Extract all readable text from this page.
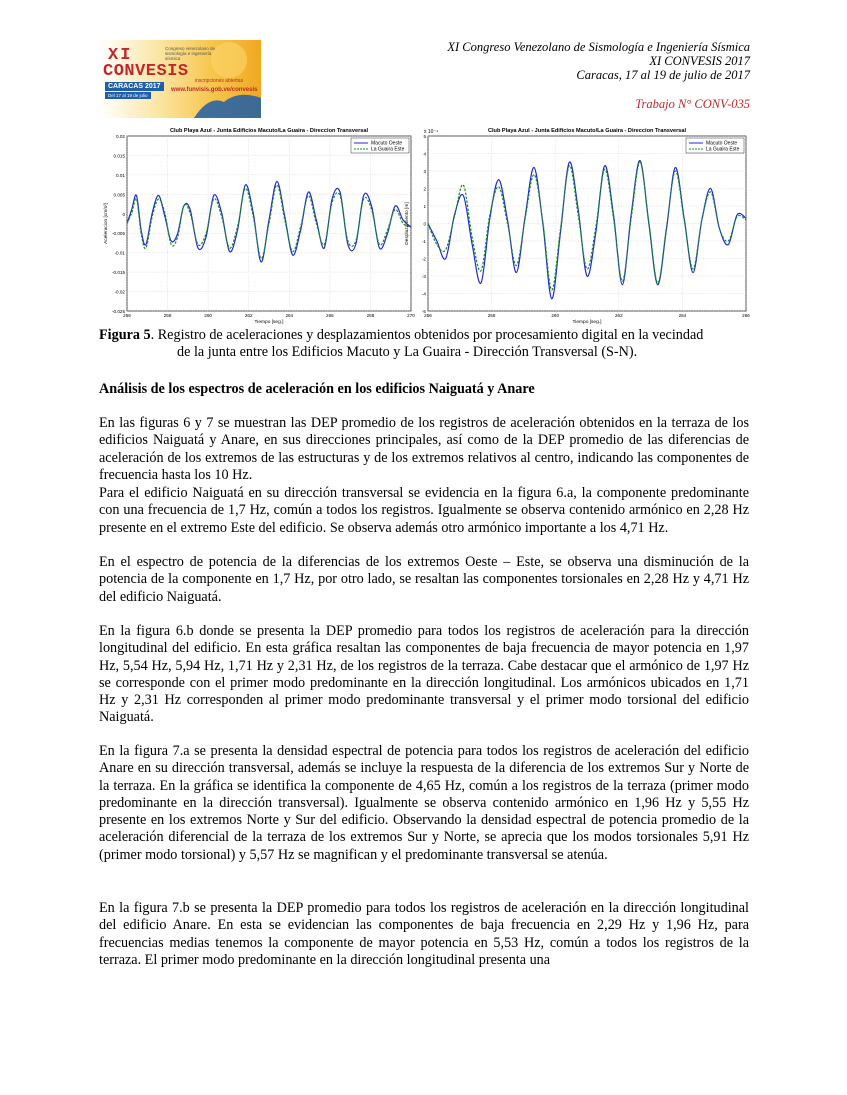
XI
CONVESIS
Congreso venezolano de sismología e ingeniería sísmica
CARACAS 2017
Del 17 al 19 de julio
inscripciones abiertas
www.funvisis.gob.ve/convesis
XI Congreso Venezolano de Sismología e Ingeniería Sísmica
XI CONVESIS 2017
Caracas, 17 al 19 de julio de 2017
Trabajo N° CONV-035
Club Playa Azul - Junta Edificios Macuto/La Guaira - Direccion Transversal
0.02
0.015
0.01
0.005
0
-0.005
-0.01
-0.015
-0.02
-0.025
256	258	260	262	264	266	268	270
Tiempo [seg.]
Aceleracion [cm/s²]
Macuto Oeste
La Guaira Este
Club Playa Azul - Junta Edificios Macuto/La Guaira - Direccion Transversal
5
4
3
2
1
0
-1
-2
-3
-4
-5
256	258	260	262	264	266
Tiempo [seg.]
Desplazamiento [m]
x 10⁻⁴
Macuto Oeste
La Guaira Este
Figura 5. Registro de aceleraciones y desplazamientos obtenidos por procesamiento digital en la vecindad
de la junta entre los Edificios Macuto y La Guaira - Dirección Transversal (S-N).
Análisis de los espectros de aceleración en los edificios Naiguatá y Anare

En las figuras 6 y 7 se muestran las DEP promedio de los registros de aceleración obtenidos en la terraza de los edificios Naiguatá y Anare, en sus direcciones principales, así como de la DEP promedio de las diferencias de aceleración de los extremos de las estructuras y de los extremos relativos al centro, indicando las componentes de frecuencia hasta los 10 Hz.

Para el edificio Naiguatá en su dirección transversal se evidencia en la figura 6.a, la componente predominante con una frecuencia de 1,7 Hz, común a todos los registros. Igualmente se observa contenido armónico en 2,28 Hz presente en el extremo Este del edificio. Se observa además otro armónico importante a los 4,71 Hz.

En el espectro de potencia de la diferencias de los extremos Oeste – Este, se observa una disminución de la potencia de la componente en 1,7 Hz, por otro lado, se resaltan las componentes torsionales en 2,28 Hz y 4,71 Hz del edificio Naiguatá.

En la figura 6.b donde se presenta la DEP promedio para todos los registros de aceleración para la dirección longitudinal del edificio. En esta gráfica resaltan las componentes de baja frecuencia de mayor potencia en 1,97 Hz, 5,54 Hz, 5,94 Hz, 1,71 Hz y 2,31 Hz, de los registros de la terraza. Cabe destacar que el armónico de 1,97 Hz se corresponde con el primer modo predominante en la dirección longitudinal. Los armónicos ubicados en 1,71 Hz y 2,31 Hz corresponden al primer modo predominante transversal y el primer modo torsional del edificio Naiguatá.

En la figura 7.a se presenta la densidad espectral de potencia para todos los registros de aceleración del edificio Anare en su dirección transversal, además se incluye la respuesta de la diferencia de los extremos Sur y Norte de la terraza. En la gráfica se identifica la componente de 4,65 Hz, común a los registros de la terraza (primer modo predominante en la dirección transversal). Igualmente se observa contenido armónico en 1,96 Hz y 5,55 Hz presente en los extremos Norte y Sur del edificio. Observando la densidad espectral de potencia promedio de la aceleración diferencial de la terraza de los extremos Sur y Norte, se aprecia que los modos torsionales 5,91 Hz (primer modo torsional) y 5,57 Hz se magnifican y el predominante transversal se atenúa.

En la figura 7.b se presenta la DEP promedio para todos los registros de aceleración en la dirección longitudinal del edificio Anare. En esta se evidencian las componentes de baja frecuencia en 2,29 Hz y 1,96 Hz, para frecuencias medias tenemos la componente de mayor potencia en 5,53 Hz, común a todos los registros de la terraza. El primer modo predominante en la dirección longitudinal presenta una
